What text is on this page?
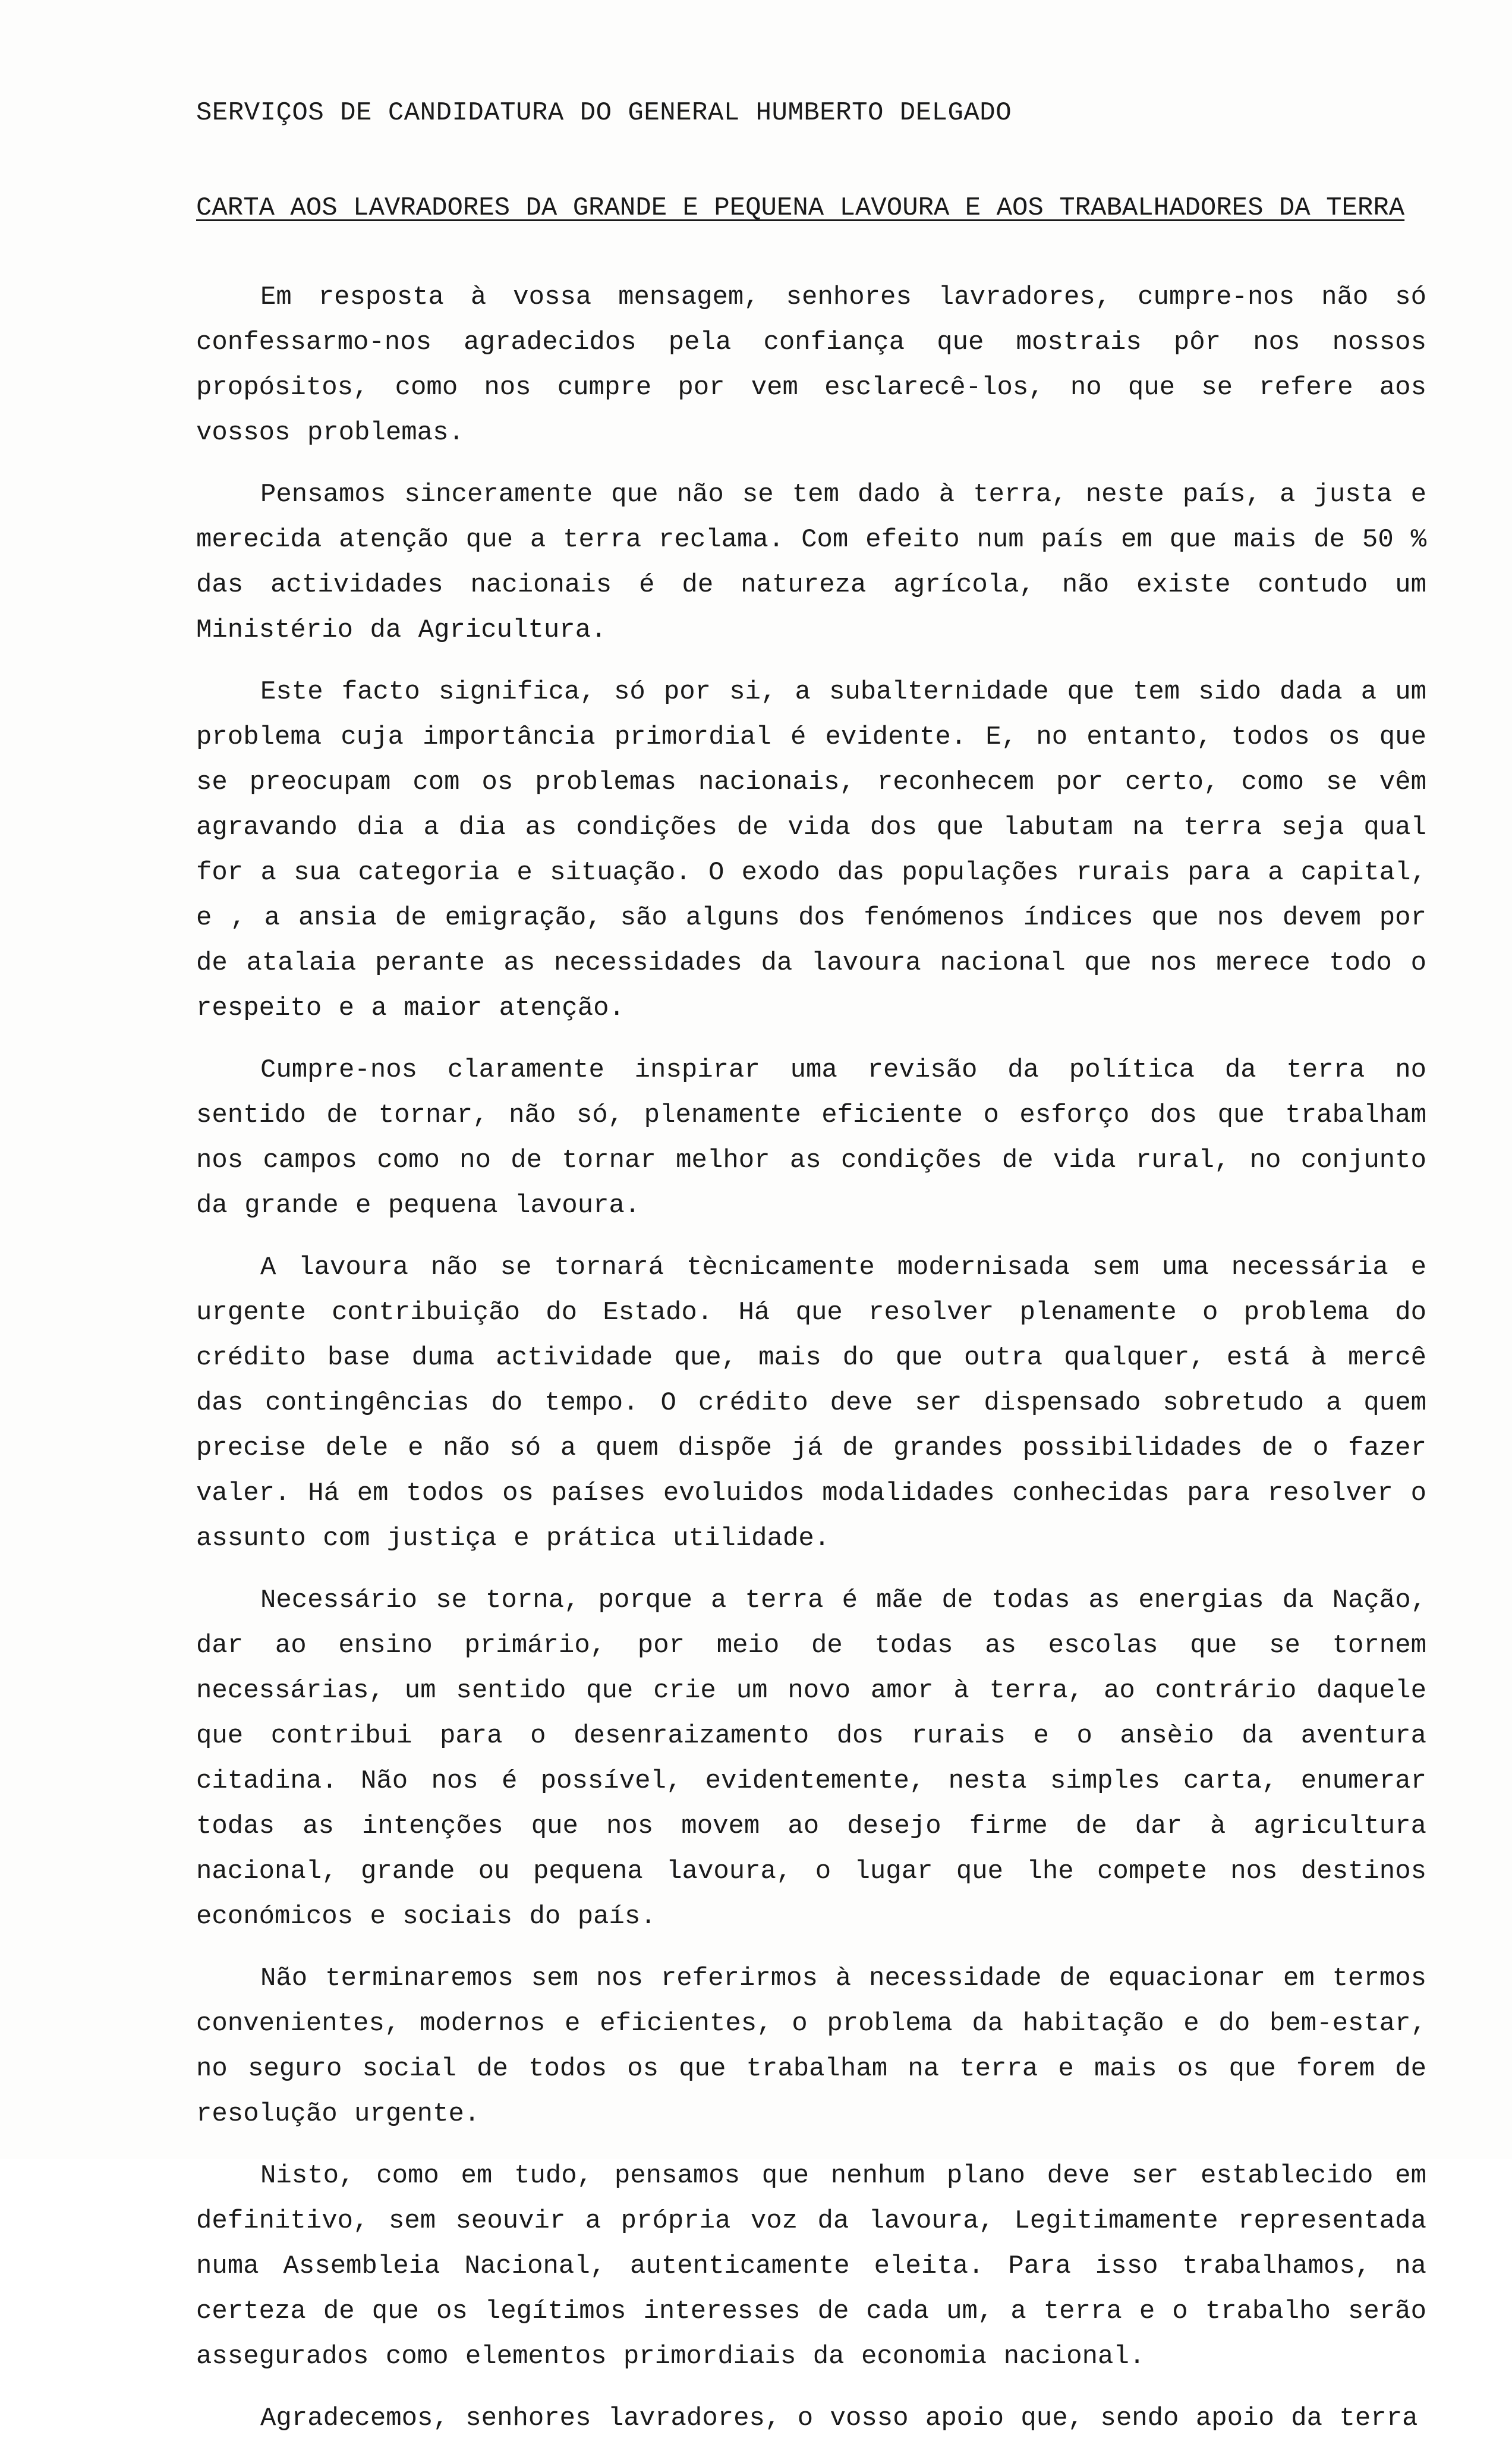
SERVIÇOS DE CANDIDATURA DO GENERAL HUMBERTO DELGADO
CARTA AOS LAVRADORES DA GRANDE E PEQUENA LAVOURA E AOS TRABALHADORES DA TERRA

Em resposta à vossa mensagem, senhores lavradores, cumpre-nos não só confessarmo-nos agradecidos pela confiança que mostrais pôr nos nossos propósitos, como nos cumpre por vem esclarecê-los, no que se refere aos vossos problemas.

Pensamos sinceramente que não se tem dado à terra, neste país, a justa e merecida atenção que a terra reclama. Com efeito num país em que mais de 50 % das actividades nacionais é de natureza agrícola, não existe contudo um Ministério da Agricultura.

Este facto significa, só por si, a subalternidade que tem sido dada a um problema cuja importância primordial é evidente. E, no entanto, todos os que se preocupam com os problemas nacionais, reconhecem por certo, como se vêm agravando dia a dia as condições de vida dos que labutam na terra seja qual for a sua categoria e situação. O exodo das populações rurais para a capital, e , a ansia de emigração, são alguns dos fenómenos índices que nos devem por de atalaia perante as necessidades da lavoura nacional que nos merece todo o respeito e a maior atenção.

Cumpre-nos claramente inspirar uma revisão da política da terra no sentido de tornar, não só, plenamente eficiente o esforço dos que trabalham nos campos como no de tornar melhor as condições de vida rural, no conjunto da grande e pequena lavoura.

A lavoura não se tornará tècnicamente modernisada sem uma necessária e urgente contribuição do Estado. Há que resolver plenamente o problema do crédito base duma actividade que, mais do que outra qualquer, está à mercê das contingências do tempo. O crédito deve ser dispensado sobretudo a quem precise dele e não só a quem dispõe já de grandes possibilidades de o fazer valer. Há em todos os países evoluidos modalidades conhecidas para resolver o assunto com justiça e prática utilidade.

Necessário se torna, porque a terra é mãe de todas as energias da Nação, dar ao ensino primário, por meio de todas as escolas que se tornem necessárias, um sentido que crie um novo amor à terra, ao contrário daquele que contribui para o desenraizamento dos rurais e o ansèio da aventura citadina. Não nos é possível, evidentemente, nesta simples carta, enumerar todas as intenções que nos movem ao desejo firme de dar à agricultura nacional, grande ou pequena lavoura, o lugar que lhe compete nos destinos económicos e sociais do país.

Não terminaremos sem nos referirmos à necessidade de equacionar em termos convenientes, modernos e eficientes, o problema da habitação e do bem-estar, no seguro social de todos os que trabalham na terra e mais os que forem de resolução urgente.

Nisto, como em tudo, pensamos que nenhum plano deve ser establecido em definitivo, sem seouvir a própria voz da lavoura, Legitimamente representada numa Assembleia Nacional, autenticamente eleita. Para isso trabalhamos, na certeza de que os legítimos interesses de cada um, a terra e o trabalho serão assegurados como elementos primordiais da economia nacional.

Agradecemos, senhores lavradores, o vosso apoio que, sendo apoio da terra
